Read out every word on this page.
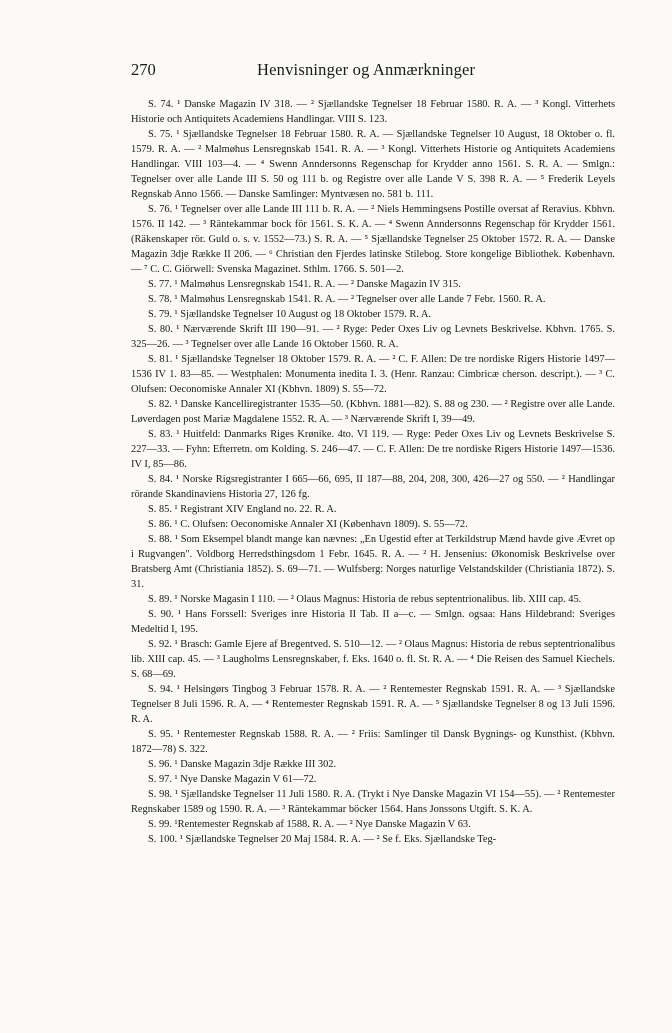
270	Henvisninger og Anmærkninger

S. 74. ¹ Danske Magazin IV 318. — ² Sjællandske Tegnelser 18 Februar 1580. R. A. — ³ Kongl. Vitterhets Historie och Antiquitets Academiens Handlingar. VIII S. 123.

S. 75. ¹ Sjællandske Tegnelser 18 Februar 1580. R. A. — Sjællandske Tegnelser 10 August, 18 Oktober o. fl. 1579. R. A. — ² Malmøhus Lensregnskab 1541. R. A. — ³ Kongl. Vitterhets Historie og Antiquitets Academiens Handlingar. VIII 103—4. — ⁴ Swenn Anndersonns Regenschap for Krydder anno 1561. S. R. A. — Smlgn.: Tegnelser over alle Lande III S. 50 og 111 b. og Registre over alle Lande V S. 398 R. A. — ⁵ Frederik Leyels Regnskab Anno 1566. — Danske Samlinger: Myntvæsen no. 581 b. 111.

S. 76. ¹ Tegnelser over alle Lande III 111 b. R. A. — ² Niels Hemmingsens Postille oversat af Reravius. Kbhvn. 1576. II 142. — ³ Räntekammar bock för 1561. S. K. A. — ⁴ Swenn Anndersonns Regenschap för Krydder 1561. (Räkenskaper rör. Guld o. s. v. 1552—73.) S. R. A. — ⁵ Sjællandske Tegnelser 25 Oktober 1572. R. A. — Danske Magazin 3dje Række II 206. — ⁶ Christian den Fjerdes latinske Stilebog. Store kongelige Bibliothek. København. — ⁷ C. C. Giörwell: Svenska Magazinet. Sthlm. 1766. S. 501—2.

S. 77. ¹ Malmøhus Lensregnskab 1541. R. A. — ² Danske Magazin IV 315.

S. 78. ¹ Malmøhus Lensregnskab 1541. R. A. — ² Tegnelser over alle Lande 7 Febr. 1560. R. A.

S. 79. ¹ Sjællandske Tegnelser 10 August og 18 Oktober 1579. R. A.

S. 80. ¹ Nærværende Skrift III 190—91. — ² Ryge: Peder Oxes Liv og Levnets Beskrivelse. Kbhvn. 1765. S. 325—26. — ³ Tegnelser over alle Lande 16 Oktober 1560. R. A.

S. 81. ¹ Sjællandske Tegnelser 18 Oktober 1579. R. A. — ² C. F. Allen: De tre nordiske Rigers Historie 1497—1536 IV 1. 83—85. — Westphalen: Monumenta inedita I. 3. (Henr. Ranzau: Cimbricæ cherson. descript.). — ³ C. Olufsen: Oeconomiske Annaler XI (Kbhvn. 1809) S. 55—72.

S. 82. ¹ Danske Kancelliregistranter 1535—50. (Kbhvn. 1881—82). S. 88 og 230. — ² Registre over alle Lande. Løverdagen post Mariæ Magdalene 1552. R. A. — ³ Nærværende Skrift I, 39—49.

S. 83. ¹ Huitfeld: Danmarks Riges Krønike. 4to. VI 119. — Ryge: Peder Oxes Liv og Levnets Beskrivelse S. 227—33. — Fyhn: Efterretn. om Kolding. S. 246—47. — C. F. Allen: De tre nordiske Rigers Historie 1497—1536. IV I, 85—86.

S. 84. ¹ Norske Rigsregistranter I 665—66, 695, II 187—88, 204, 208, 300, 426—27 og 550. — ² Handlingar rörande Skandinaviens Historia 27, 126 fg.

S. 85. ¹ Registrant XIV England no. 22. R. A.

S. 86. ¹ C. Olufsen: Oeconomiske Annaler XI (København 1809). S. 55—72.

S. 88. ¹ Som Eksempel blandt mange kan nævnes: „En Ugestid efter at Terkildstrup Mænd havde give Ævret op i Rugvangen". Voldborg Herredsthingsdom 1 Febr. 1645. R. A. — ² H. Jensenius: Økonomisk Beskrivelse over Bratsberg Amt (Christiania 1852). S. 69—71. — Wulfsberg: Norges naturlige Velstandskilder (Christiania 1872). S. 31.

S. 89. ¹ Norske Magasin I 110. — ² Olaus Magnus: Historia de rebus septentrionalibus. lib. XIII cap. 45.

S. 90. ¹ Hans Forssell: Sveriges inre Historia II Tab. II a—c. — Smlgn. ogsaa: Hans Hildebrand: Sveriges Medeltid I, 195.

S. 92. ¹ Brasch: Gamle Ejere af Bregentved. S. 510—12. — ² Olaus Magnus: Historia de rebus septentrionalibus lib. XIII cap. 45. — ³ Laugholms Lensregnskaber, f. Eks. 1640 o. fl. St. R. A. — ⁴ Die Reisen des Samuel Kiechels. S. 68—69.

S. 94. ¹ Helsingørs Tingbog 3 Februar 1578. R. A. — ² Rentemester Regnskab 1591. R. A. — ³ Sjællandske Tegnelser 8 Juli 1596. R. A. — ⁴ Rentemester Regnskab 1591. R. A. — ⁵ Sjællandske Tegnelser 8 og 13 Juli 1596. R. A.

S. 95. ¹ Rentemester Regnskab 1588. R. A. — ² Friis: Samlinger til Dansk Bygnings- og Kunsthist. (Kbhvn. 1872—78) S. 322.

S. 96. ¹ Danske Magazin 3dje Række III 302.

S. 97. ¹ Nye Danske Magazin V 61—72.

S. 98. ¹ Sjællandske Tegnelser 11 Juli 1580. R. A. (Trykt i Nye Danske Magazin VI 154—55). — ² Rentemester Regnskaber 1589 og 1590. R. A. — ³ Räntekammar böcker 1564. Hans Jonssons Utgift. S. K. A.

S. 99. ¹Rentemester Regnskab af 1588. R. A. — ² Nye Danske Magazin V 63.

S. 100. ¹ Sjællandske Tegnelser 20 Maj 1584. R. A. — ² Se f. Eks. Sjællandske Teg-
